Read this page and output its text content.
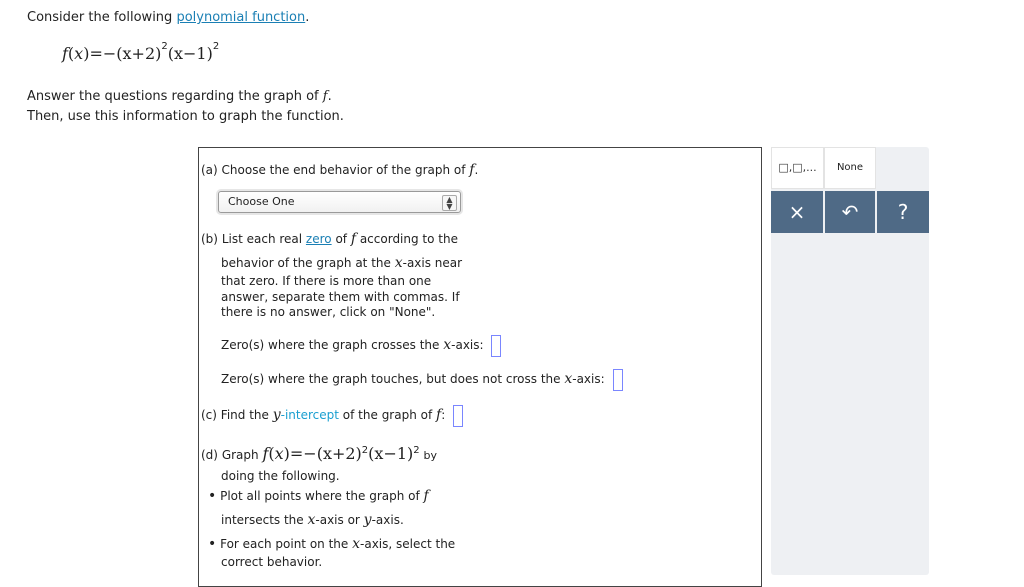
Consider the following polynomial function.
$f(x)=-(x+2)^2(x-1)^2$
Answer the questions regarding the graph of f.
Then, use this information to graph the function.
(a) Choose the end behavior of the graph of f.
Choose One	▲
▼
(b) List each real zero of f according to the
behavior of the graph at the x-axis near
that zero. If there is more than one
answer, separate them with commas. If
there is no answer, click on "None".
Zero(s) where the graph crosses the x-axis:
Zero(s) where the graph touches, but does not cross the x-axis:
(c) Find the y-intercept of the graph of f:
(d) Graph $f(x)=-(x+2)^2(x-1)^2$ by
doing the following.
• Plot all points where the graph of f
intersects the x-axis or y-axis.
• For each point on the x-axis, select the
correct behavior.
□,□,...	None
×	↶	?
